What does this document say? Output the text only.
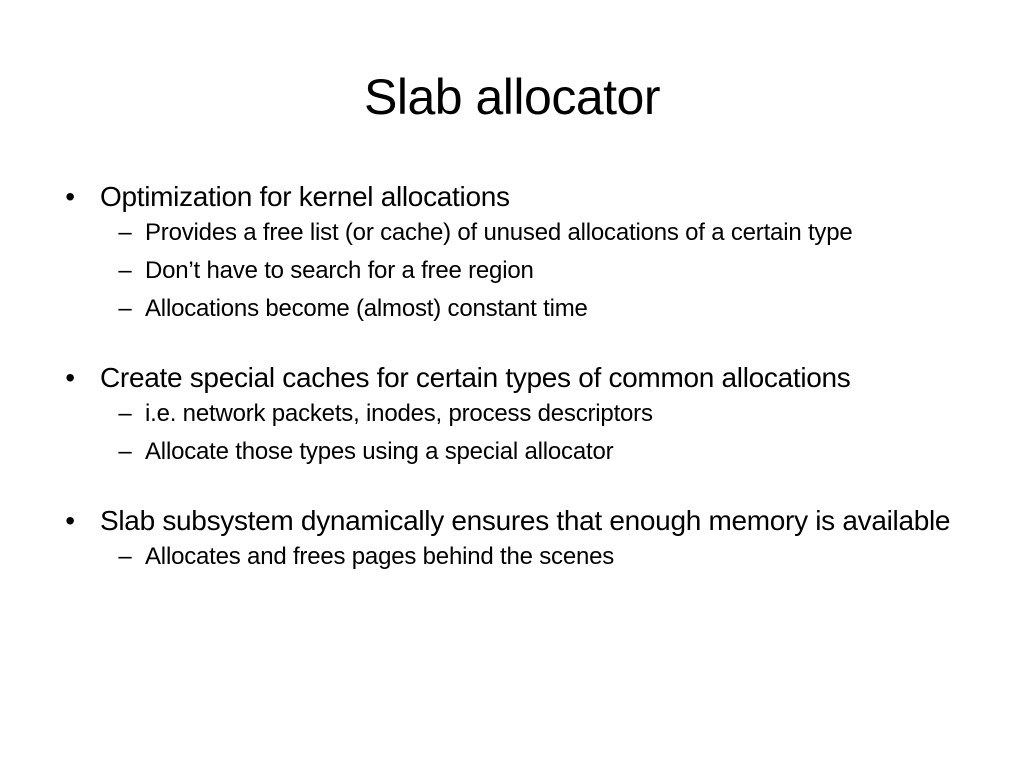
Slab allocator
• Optimization for kernel allocations
– Provides a free list (or cache) of unused allocations of a certain type
– Don’t have to search for a free region
– Allocations become (almost) constant time
• Create special caches for certain types of common allocations
– i.e. network packets, inodes, process descriptors
– Allocate those types using a special allocator
• Slab subsystem dynamically ensures that enough memory is available
– Allocates and frees pages behind the scenes
